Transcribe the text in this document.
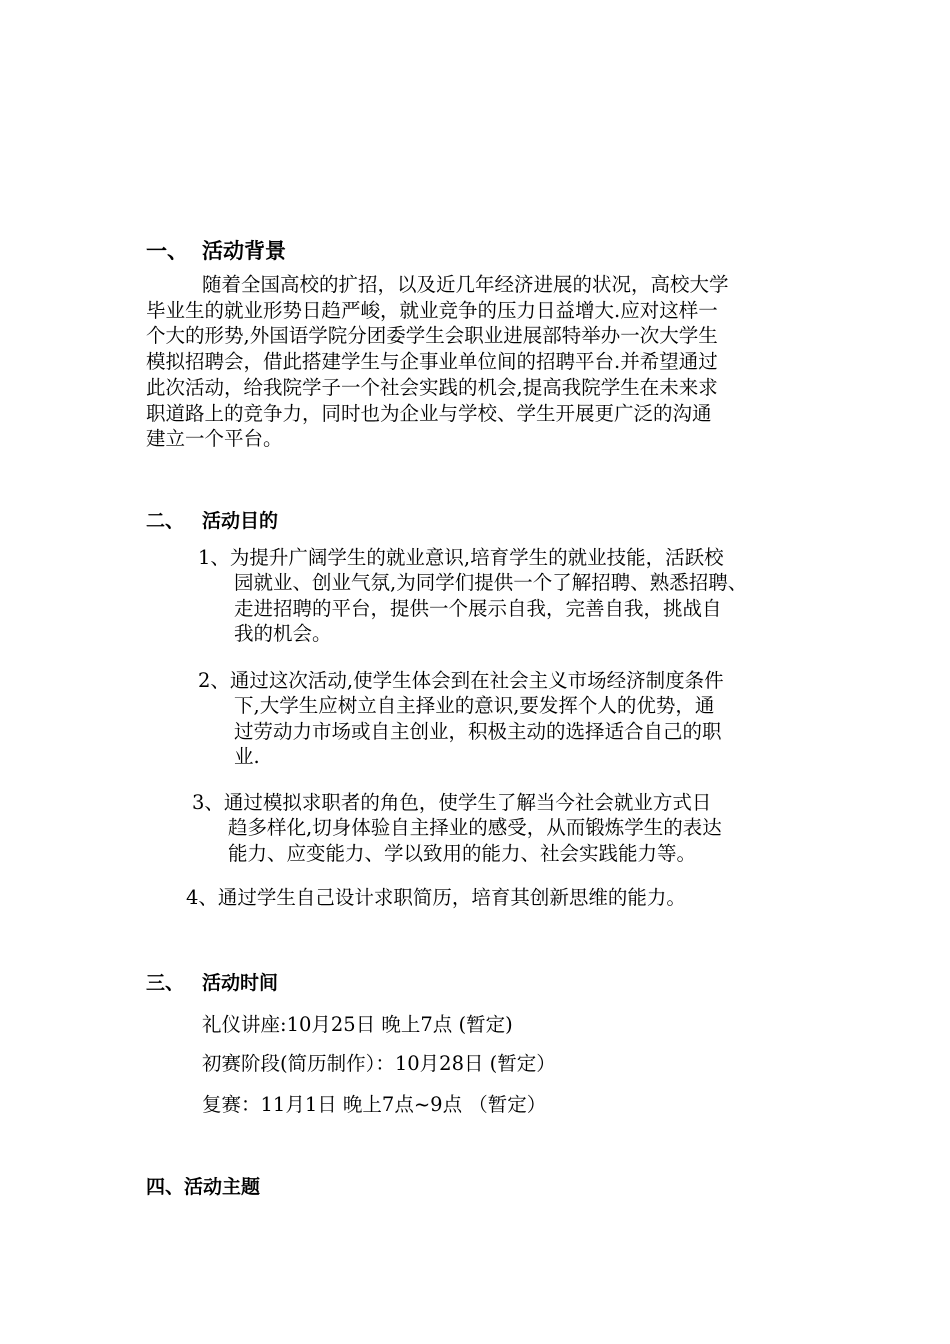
一、 活动背景
随着全国高校的扩招，以及近几年经济进展的状况，高校大学
毕业生的就业形势日趋严峻，就业竞争的压力日益增大.应对这样一
个大的形势,外国语学院分团委学生会职业进展部特举办一次大学生
模拟招聘会，借此搭建学生与企事业单位间的招聘平台.并希望通过
此次活动，给我院学子一个社会实践的机会,提高我院学生在未来求
职道路上的竞争力，同时也为企业与学校、学生开展更广泛的沟通
建立一个平台。
二、 活动目的
1、为提升广阔学生的就业意识,培育学生的就业技能，活跃校
园就业、创业气氛,为同学们提供一个了解招聘、熟悉招聘、
走进招聘的平台，提供一个展示自我，完善自我，挑战自
我的机会。
2、通过这次活动,使学生体会到在社会主义市场经济制度条件
下,大学生应树立自主择业的意识,要发挥个人的优势，通
过劳动力市场或自主创业，积极主动的选择适合自己的职
业.
3、通过模拟求职者的角色，使学生了解当今社会就业方式日
趋多样化,切身体验自主择业的感受，从而锻炼学生的表达
能力、应变能力、学以致用的能力、社会实践能力等。
4、通过学生自己设计求职简历，培育其创新思维的能力。
三、 活动时间
礼仪讲座:10月25日 晚上7点 (暂定)
初赛阶段(简历制作）：10月28日 (暂定）
复赛：11月1日 晚上7点~9点 （暂定）
四、活动主题
